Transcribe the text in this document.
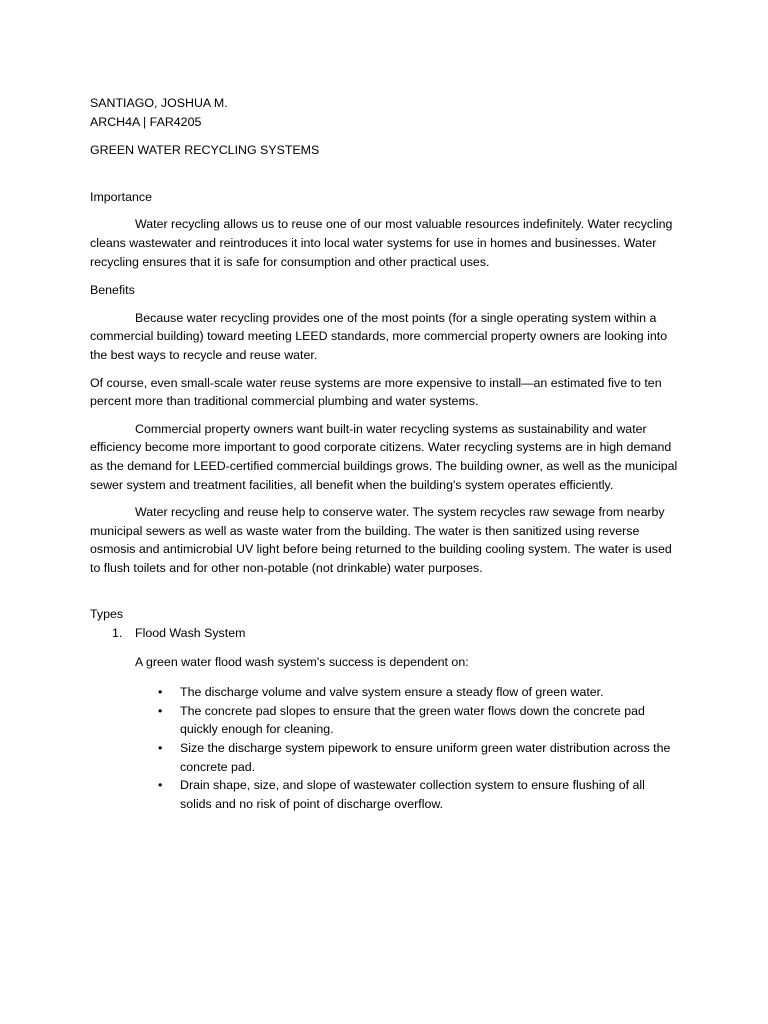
SANTIAGO, JOSHUA M.

ARCH4A | FAR4205

GREEN WATER RECYCLING SYSTEMS

Importance

Water recycling allows us to reuse one of our most valuable resources indefinitely. Water recycling cleans wastewater and reintroduces it into local water systems for use in homes and businesses. Water recycling ensures that it is safe for consumption and other practical uses.

Benefits

Because water recycling provides one of the most points (for a single operating system within a commercial building) toward meeting LEED standards, more commercial property owners are looking into the best ways to recycle and reuse water.

Of course, even small-scale water reuse systems are more expensive to install—an estimated five to ten percent more than traditional commercial plumbing and water systems.

Commercial property owners want built-in water recycling systems as sustainability and water efficiency become more important to good corporate citizens. Water recycling systems are in high demand as the demand for LEED-certified commercial buildings grows. The building owner, as well as the municipal sewer system and treatment facilities, all benefit when the building's system operates efficiently.

Water recycling and reuse help to conserve water. The system recycles raw sewage from nearby municipal sewers as well as waste water from the building. The water is then sanitized using reverse osmosis and antimicrobial UV light before being returned to the building cooling system. The water is used to flush toilets and for other non-potable (not drinkable) water purposes.

Types

1. Flood Wash System

A green water flood wash system's success is dependent on:

• The discharge volume and valve system ensure a steady flow of green water.
• The concrete pad slopes to ensure that the green water flows down the concrete pad quickly enough for cleaning.
• Size the discharge system pipework to ensure uniform green water distribution across the concrete pad.
• Drain shape, size, and slope of wastewater collection system to ensure flushing of all solids and no risk of point of discharge overflow.
